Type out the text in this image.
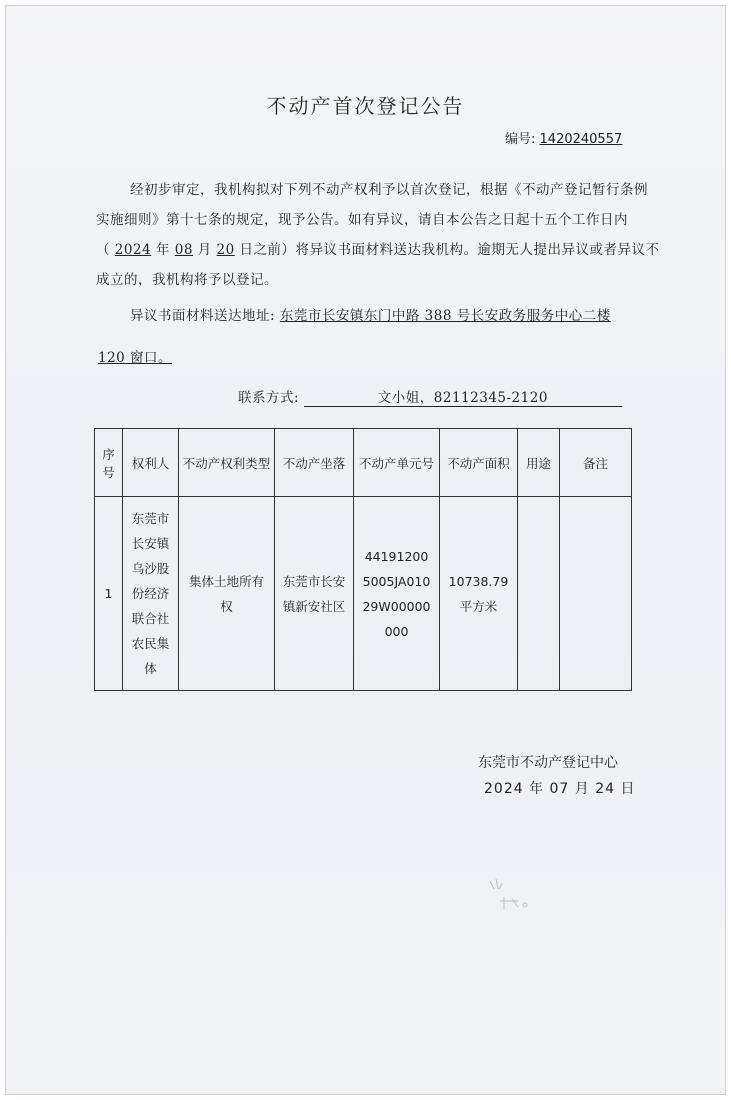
不动产首次登记公告
编号: 1420240557
经初步审定，我机构拟对下列不动产权利予以首次登记，根据《不动产登记暂行条例
实施细则》第十七条的规定，现予公告。如有异议，请自本公告之日起十五个工作日内
（ 2024 年 08 月 20 日之前）将异议书面材料送达我机构。逾期无人提出异议或者异议不
成立的，我机构将予以登记。
异议书面材料送达地址: 东莞市长安镇东门中路 388 号长安政务服务中心二楼
120 窗口。
联系方式:	文小姐，82112345-2120
序号	权利人	不动产权利类型	不动产坐落	不动产单元号	不动产面积	用途	备注
1	东莞市长安镇乌沙股份经济联合社农民集体	集体土地所有权	东莞市长安镇新安社区	441912005005JA01029W00000000	10738.79平方米		

东莞市不动产登记中心
2024 年 07 月 24 日
